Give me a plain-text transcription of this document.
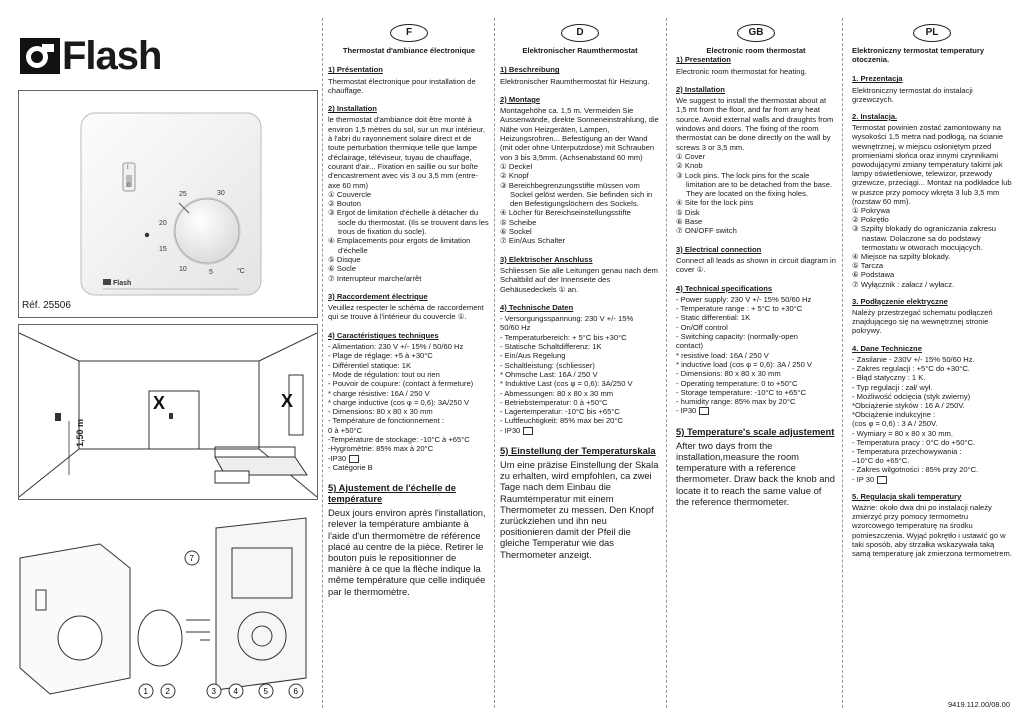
Flash
I
0
25	30
20
15
10	5	°C
Flash
Réf. 25506
1,50 m
X	X
7
1 2	3 4	5	6
F
Thermostat d'ambiance électronique
1) Présentation

Thermostat électronique pour installation de chauffage.

2) Installation

le thermostat d'ambiance doit être monté à environ 1,5 mètres du sol, sur un mur intérieur, à l'abri du rayonnement solaire direct et de toute perturbation thermique telle que lampe d'éclairage, téléviseur, tuyau de chauffage, courant d'air... Fixation en saillie ou sur boîte d'encastrement avec vis 3 ou 3,5 mm (entre-axe 60 mm)

① Couvercle

② Bouton

③ Ergot de limitation d'échelle à détacher du socle du thermostat. (Ils se trouvent dans les trous de fixation du socle).

④ Emplacements pour ergots de limitation d'échelle

⑤ Disque

⑥ Socle

⑦ Interrupteur marche/arrêt

3) Raccordement électrique

Veuillez respecter le schéma de raccordement qui se trouve à l'intérieur du couvercle ①.

4) Caractéristiques techniques

- Alimentation: 230 V +/- 15% / 50/60 Hz

- Plage de réglage: +5 à +30°C

- Différentiel statique: 1K

- Mode de régulation: tout ou rien

- Pouvoir de coupure: (contact à fermeture)

* charge résistive: 16A / 250 V

* charge inductive (cos φ = 0,6): 3A/250 V

- Dimensions: 80 x 80 x 30 mm

- Température de fonctionnement :

0 à +50°C

-Température de stockage: -10°C à +65°C

-Hygrométrie: 85% max à 20°C

-IP30

- Catégorie B

5) Ajustement de l'échelle de température

Deux jours environ après l'installation, relever la température ambiante à l'aide d'un thermomètre de référence placé au centre de la pièce. Retirer le bouton puis le repositionner de manière à ce que la flèche indique la même température que celle indiquée par le thermomètre.

D
Elektronischer Raumthermostat
1) Beschreibung

Elektronischer Raumthermostat für Heizung.

2) Montage

Montagehöhe ca. 1,5 m. Vermeiden Sie Aussenwände, direkte Sonneneinstrahlung, die Nähe von Heizgeräten, Lampen, Heizungsrohren... Befestigung an der Wand (mit oder ohne Unterputzdose) mit Schrauben von 3 bis 3,5mm. (Achsenabstand 60 mm)

① Deckel

② Knopf

③ Bereichbegrenzungsstifte müssen vom Sockel gelöst werden. Sie befinden sich in den Befestigungslöchern des Sockels.

④ Löcher für Bereichseinstellungsstifte

⑤ Scheibe

⑥ Sockel

⑦ Ein/Aus Schalter

3) Elektrischer Anschluss

Schliessen Sie alle Leitungen genau nach dem Schaltbild auf der Innenseite des Gehäusedeckels ① an.

4) Technische Daten

- Versorgungsspannung: 230 V +/- 15%

50/60 Hz

- Temperaturbereich: + 5°C bis +30°C

- Statische Schaltdifferenz: 1K

- Ein/Aus Regelung

- Schaltleistung: (schliesser)

* Ohmsche Last: 16A / 250 V

* Induktive Last (cos φ = 0,6): 3A/250 V

- Abmessungen: 80 x 80 x 30 mm

- Betriebstemperatur: 0 à +50°C

- Lagertemperatur: -10°C bis +65°C

- Luftfeuchtigkeit: 85% max bei 20°C

- IP30

5) Einstellung der Temperaturskala

Um eine präzise Einstellung der Skala zu erhalten, wird empfohlen, ca zwei Tage nach dem Einbau die Raumtemperatur mit einem Thermometer zu messen. Den Knopf zurückziehen und ihn neu positionieren damit der Pfeil die gleiche Temperatur wie das Thermometer anzeigt.

GB
Electronic room thermostat
1) Presentation

Electronic room thermostat for heating.

2) Installation

We suggest to install the thermostat about at 1,5 mt from the floor, and far from any heat source. Avoid external walls and draughts from windows and doors. The fixing of the room thermostat can be done directly on the wall by screws 3 or 3,5 mm.

① Cover

② Knob

③ Lock pins. The lock pins for the scale limitation are to be detached from the base. They are located on the fixing holes.

④ Site for the lock pins

⑤ Disk

⑥ Base

⑦ ON/OFF switch

3) Electrical connection

Connect all leads as shown in circuit diagram in cover ①.

4) Technical specifications

- Power supply: 230 V +/- 15% 50/60 Hz

- Temperature range : + 5°C to +30°C

- Static differential: 1K

- On/Off control

- Switching capacity: (normally-open

contact)

* resistive load: 16A / 250 V

* inductive load (cos φ = 0,6): 3A / 250 V

- Dimensions: 80 x 80 x 30 mm

- Operating temperature: 0 to +50°C

- Storage temperature: -10°C to +65°C

- humidity range: 85% max by 20°C

- IP30

5) Temperature's scale adjustement

After two days from the installation,measure the room temperature with a reference thermometer. Draw back the knob and locate it to reach the same value of the reference thermometer.

PL
Elektroniczny termostat temperatury otoczenia.
1. Prezentacja

Elektroniczny termostat do instalacji grzewczych.

2. Instalacja.

Termostat powinien zostać zamontowany na wysokości 1,5 metra nad podłogą, na ścianie wewnętrznej, w miejscu osłoniętym przed promieniami słońca oraz innymi czynnikami powodującymi zmiany temperatury takimi jak lampy oświetleniowe, telewizor, przewody grzewcze, przeciągi... Montaż na podkładce lub w puszce przy pomocy wkręta 3 lub 3,5 mm (rozstaw 60 mm).

① Pokrywa

② Pokrętło

③ Szpilty blokady do ograniczania zakresu nastaw. Dolaczone sa do podstawy termostatu w otworach mocujących.

④ Miejsce na szpilty blokady.

⑤ Tarcza

⑥ Podstawa

⑦ Wyłącznik : załacz / wyłacz.

3. Podłączenie elektryczne

Należy przestrzegać schematu podłączeń znajdującego się na wewnętrznej stronie pokrywy.

4. Dane Techniczne

- Zasilanie - 230V +/- 15% 50/60 Hz.

- Zakres regulacji : +5°C do +30°C.

- Błąd statyczny : 1 K.

- Typ regulacji : zał/ wył.

- Możliwość odcięcia (styk zwierny)

*Obciążenie styków : 16 A / 250V.

*Obciążenie indukcyjne :

(cos φ = 0,6) : 3 A / 250V.

- Wymiary = 80 x 80 x 30 mm.

- Temperatura pracy : 0°C do +50°C.

- Temperatura przechowywania :

–10°C do +65°C.

- Zakres wilgotności : 85% przy 20°C.

- IP 30

5. Regulacja skali temperatury

Ważne: około dwa dni po instalacji należy zmierzyć przy pomocy termometru wzorcowego temperaturę na środku pomieszczenia. Wyjąć pokrętło i ustawić go w taki sposób, aby strzałka wskazywała taką samą temperaturę jak zmierzona termometrem.

9419.112.00/08.00
